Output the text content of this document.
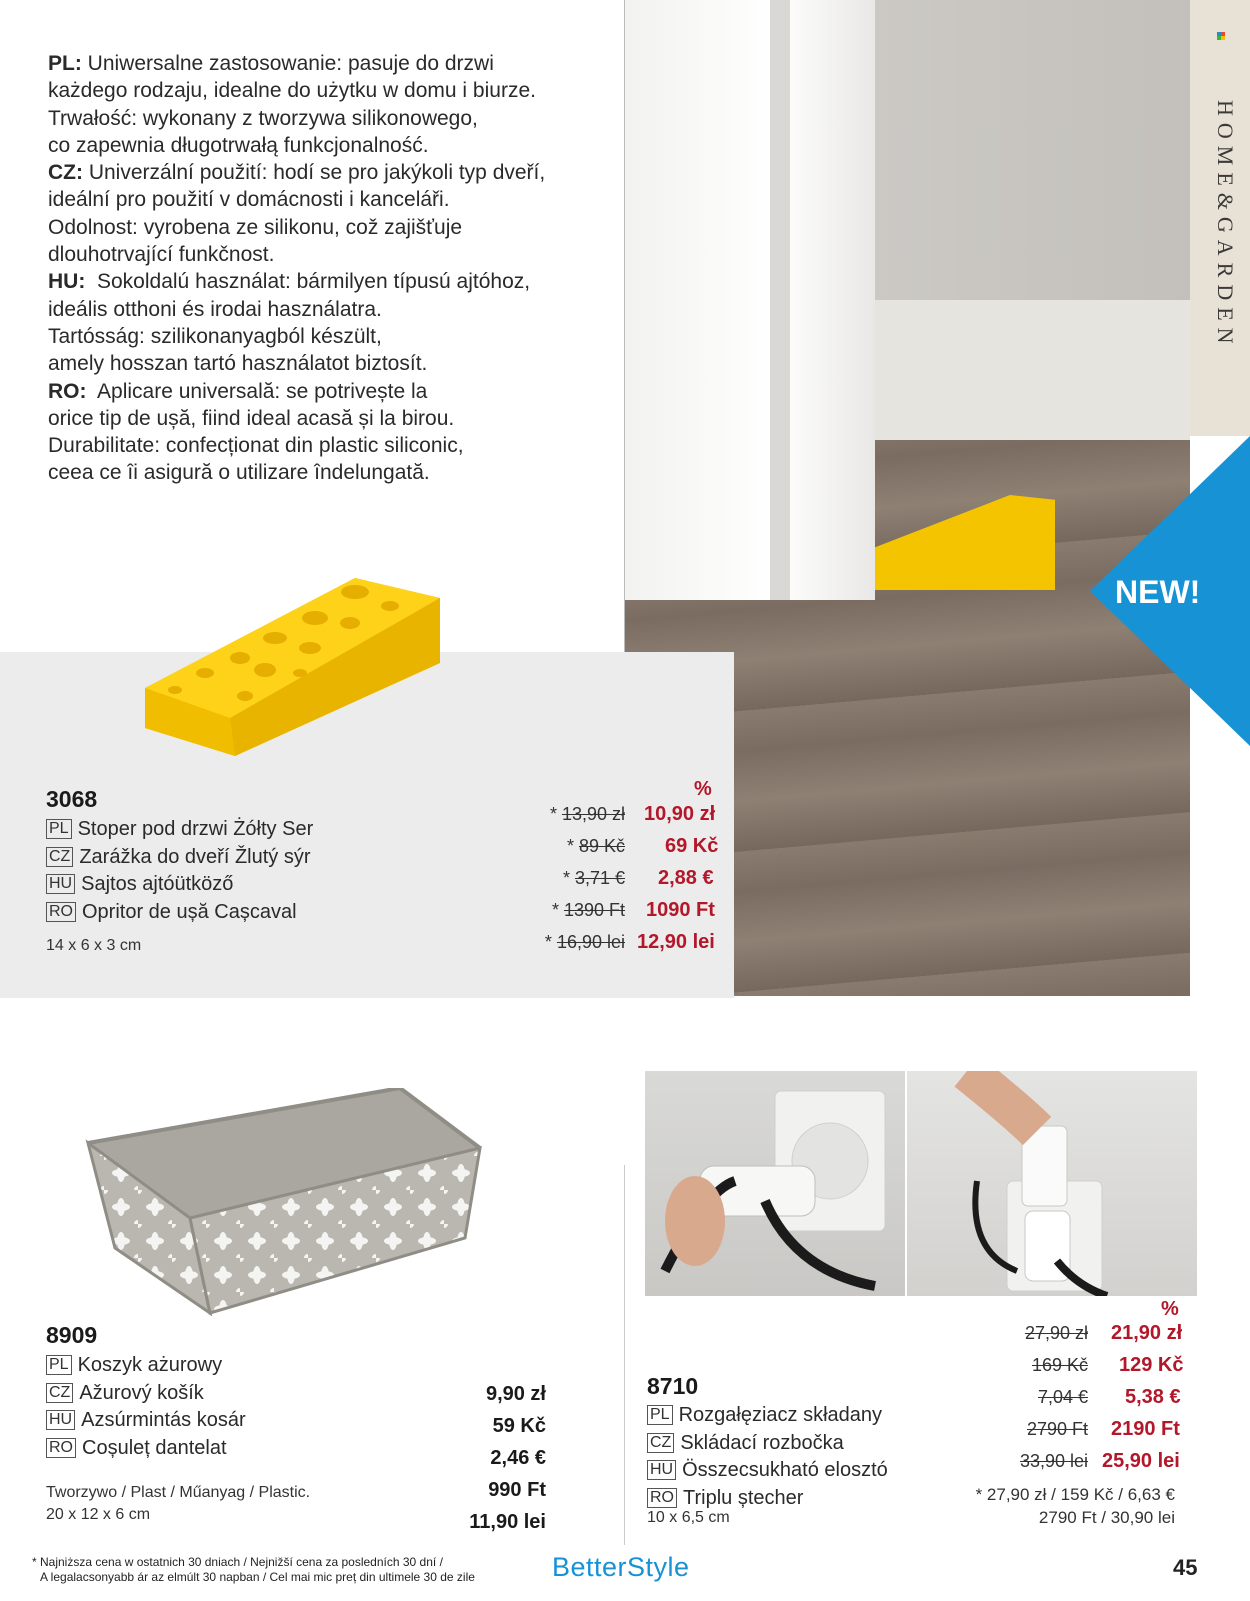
PL: Uniwersalne zastosowanie: pasuje do drzwi

każdego rodzaju, idealne do użytku w domu i biurze.

Trwałość: wykonany z tworzywa silikonowego,

co zapewnia długotrwałą funkcjonalność.

CZ: Univerzální použití: hodí se pro jakýkoli typ dveří,

ideální pro použití v domácnosti i kanceláři.

Odolnost: vyrobena ze silikonu, což zajišťuje

dlouhotrvající funkčnost.

HU:  Sokoldalú használat: bármilyen típusú ajtóhoz,

ideális otthoni és irodai használatra.

Tartósság: szilikonanyagból készült,

amely hosszan tartó használatot biztosít.

RO:  Aplicare universală: se potrivește la

orice tip de ușă, fiind ideal acasă și la birou.

Durabilitate: confecționat din plastic siliconic,

ceea ce îi asigură o utilizare îndelungată.

HOME&GARDEN
NEW!
3068
PL Stoper pod drzwi Żółty Ser
CZ Zarážka do dveří Žlutý sýr
HU Sajtos ajtóütköző
RO Opritor de ușă Cașcaval
14 x 6 x 3 cm
%
* 13,90 zł
* 89 Kč
* 3,71 €
* 1390 Ft
* 16,90 lei
10,90 zł
69 Kč
2,88 €
1090 Ft
12,90 lei
8909
PL Koszyk ażurowy
CZ Ažurový košík
HU Azsúrmintás kosár
RO Coșuleț dantelat
Tworzywo / Plast / Műanyag / Plastic.
20 x 12 x 6 cm
9,90 zł
59 Kč
2,46 €
990 Ft
11,90 lei
%
27,90 zł
169 Kč
7,04 €
2790 Ft
33,90 lei
21,90 zł
129 Kč
5,38 €
2190 Ft
25,90 lei
8710
PL Rozgałęziacz składany
CZ Skládací rozbočka
HU Összecsukható elosztó
RO Triplu ștecher
10 x 6,5 cm
* 27,90 zł / 159 Kč / 6,63 €
2790 Ft / 30,90 lei
* Najniższa cena w ostatnich 30 dniach / Nejnižší cena za posledních 30 dní /
A legalacsonyabb ár az elmúlt 30 napban / Cel mai mic preț din ultimele 30 de zile	BetterStyle	45
